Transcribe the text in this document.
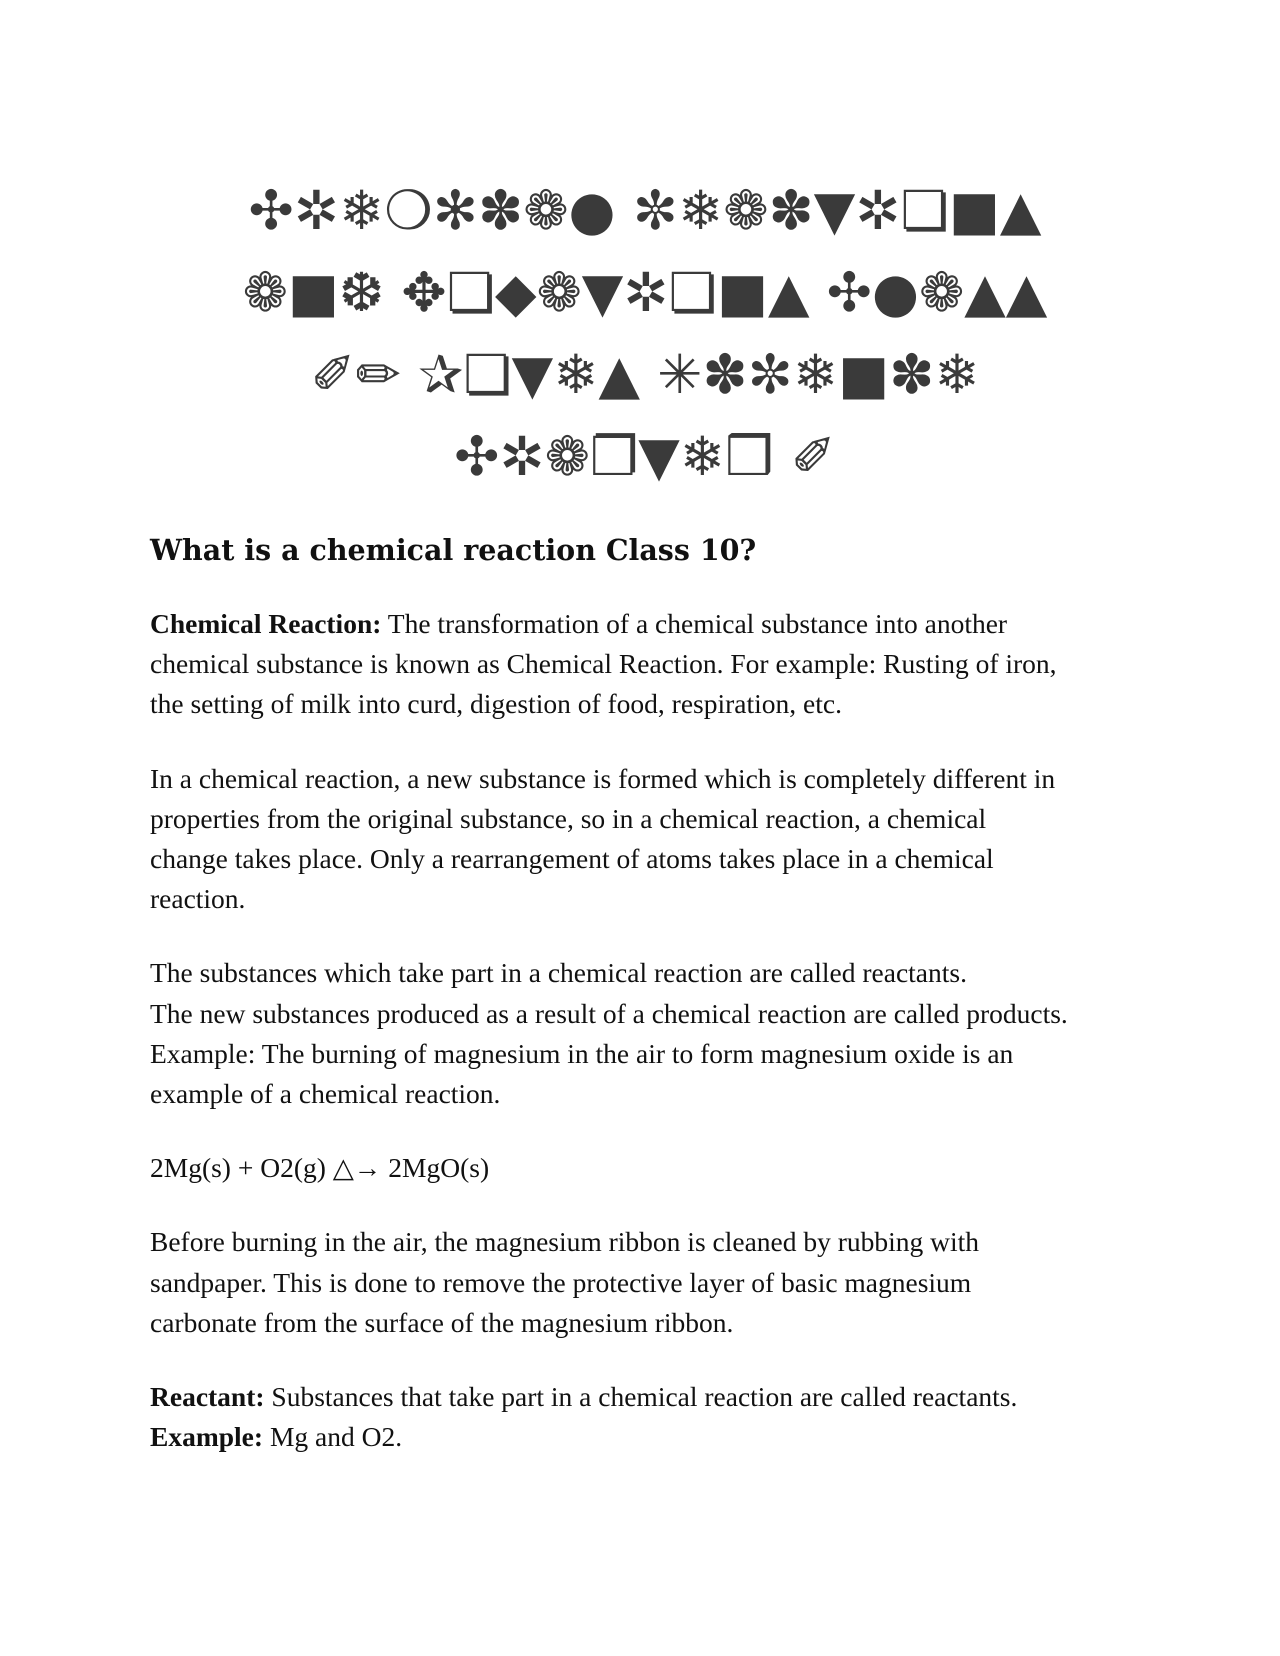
✣✲❄❍✻✽❁● ✼❄❁✽▼✲❏■▲
❁■❆ ✥❏◆❁▼✲❏■▲ ✣●❁▲▲
✐✏ ✰❏▼❄▲ ✳✽✼❄■✽❄
✣✲❁❐▼❄❒ ✐
What is a chemical reaction Class 10?

Chemical Reaction: The transformation of a chemical substance into another
chemical substance is known as Chemical Reaction. For example: Rusting of iron,
the setting of milk into curd, digestion of food, respiration, etc.

In a chemical reaction, a new substance is formed which is completely different in
properties from the original substance, so in a chemical reaction, a chemical
change takes place. Only a rearrangement of atoms takes place in a chemical
reaction.

The substances which take part in a chemical reaction are called reactants.
The new substances produced as a result of a chemical reaction are called products.
Example: The burning of magnesium in the air to form magnesium oxide is an
example of a chemical reaction.

2Mg(s) + O2(g) △→ 2MgO(s)

Before burning in the air, the magnesium ribbon is cleaned by rubbing with
sandpaper. This is done to remove the protective layer of basic magnesium
carbonate from the surface of the magnesium ribbon.

Reactant: Substances that take part in a chemical reaction are called reactants.
Example: Mg and O2.
